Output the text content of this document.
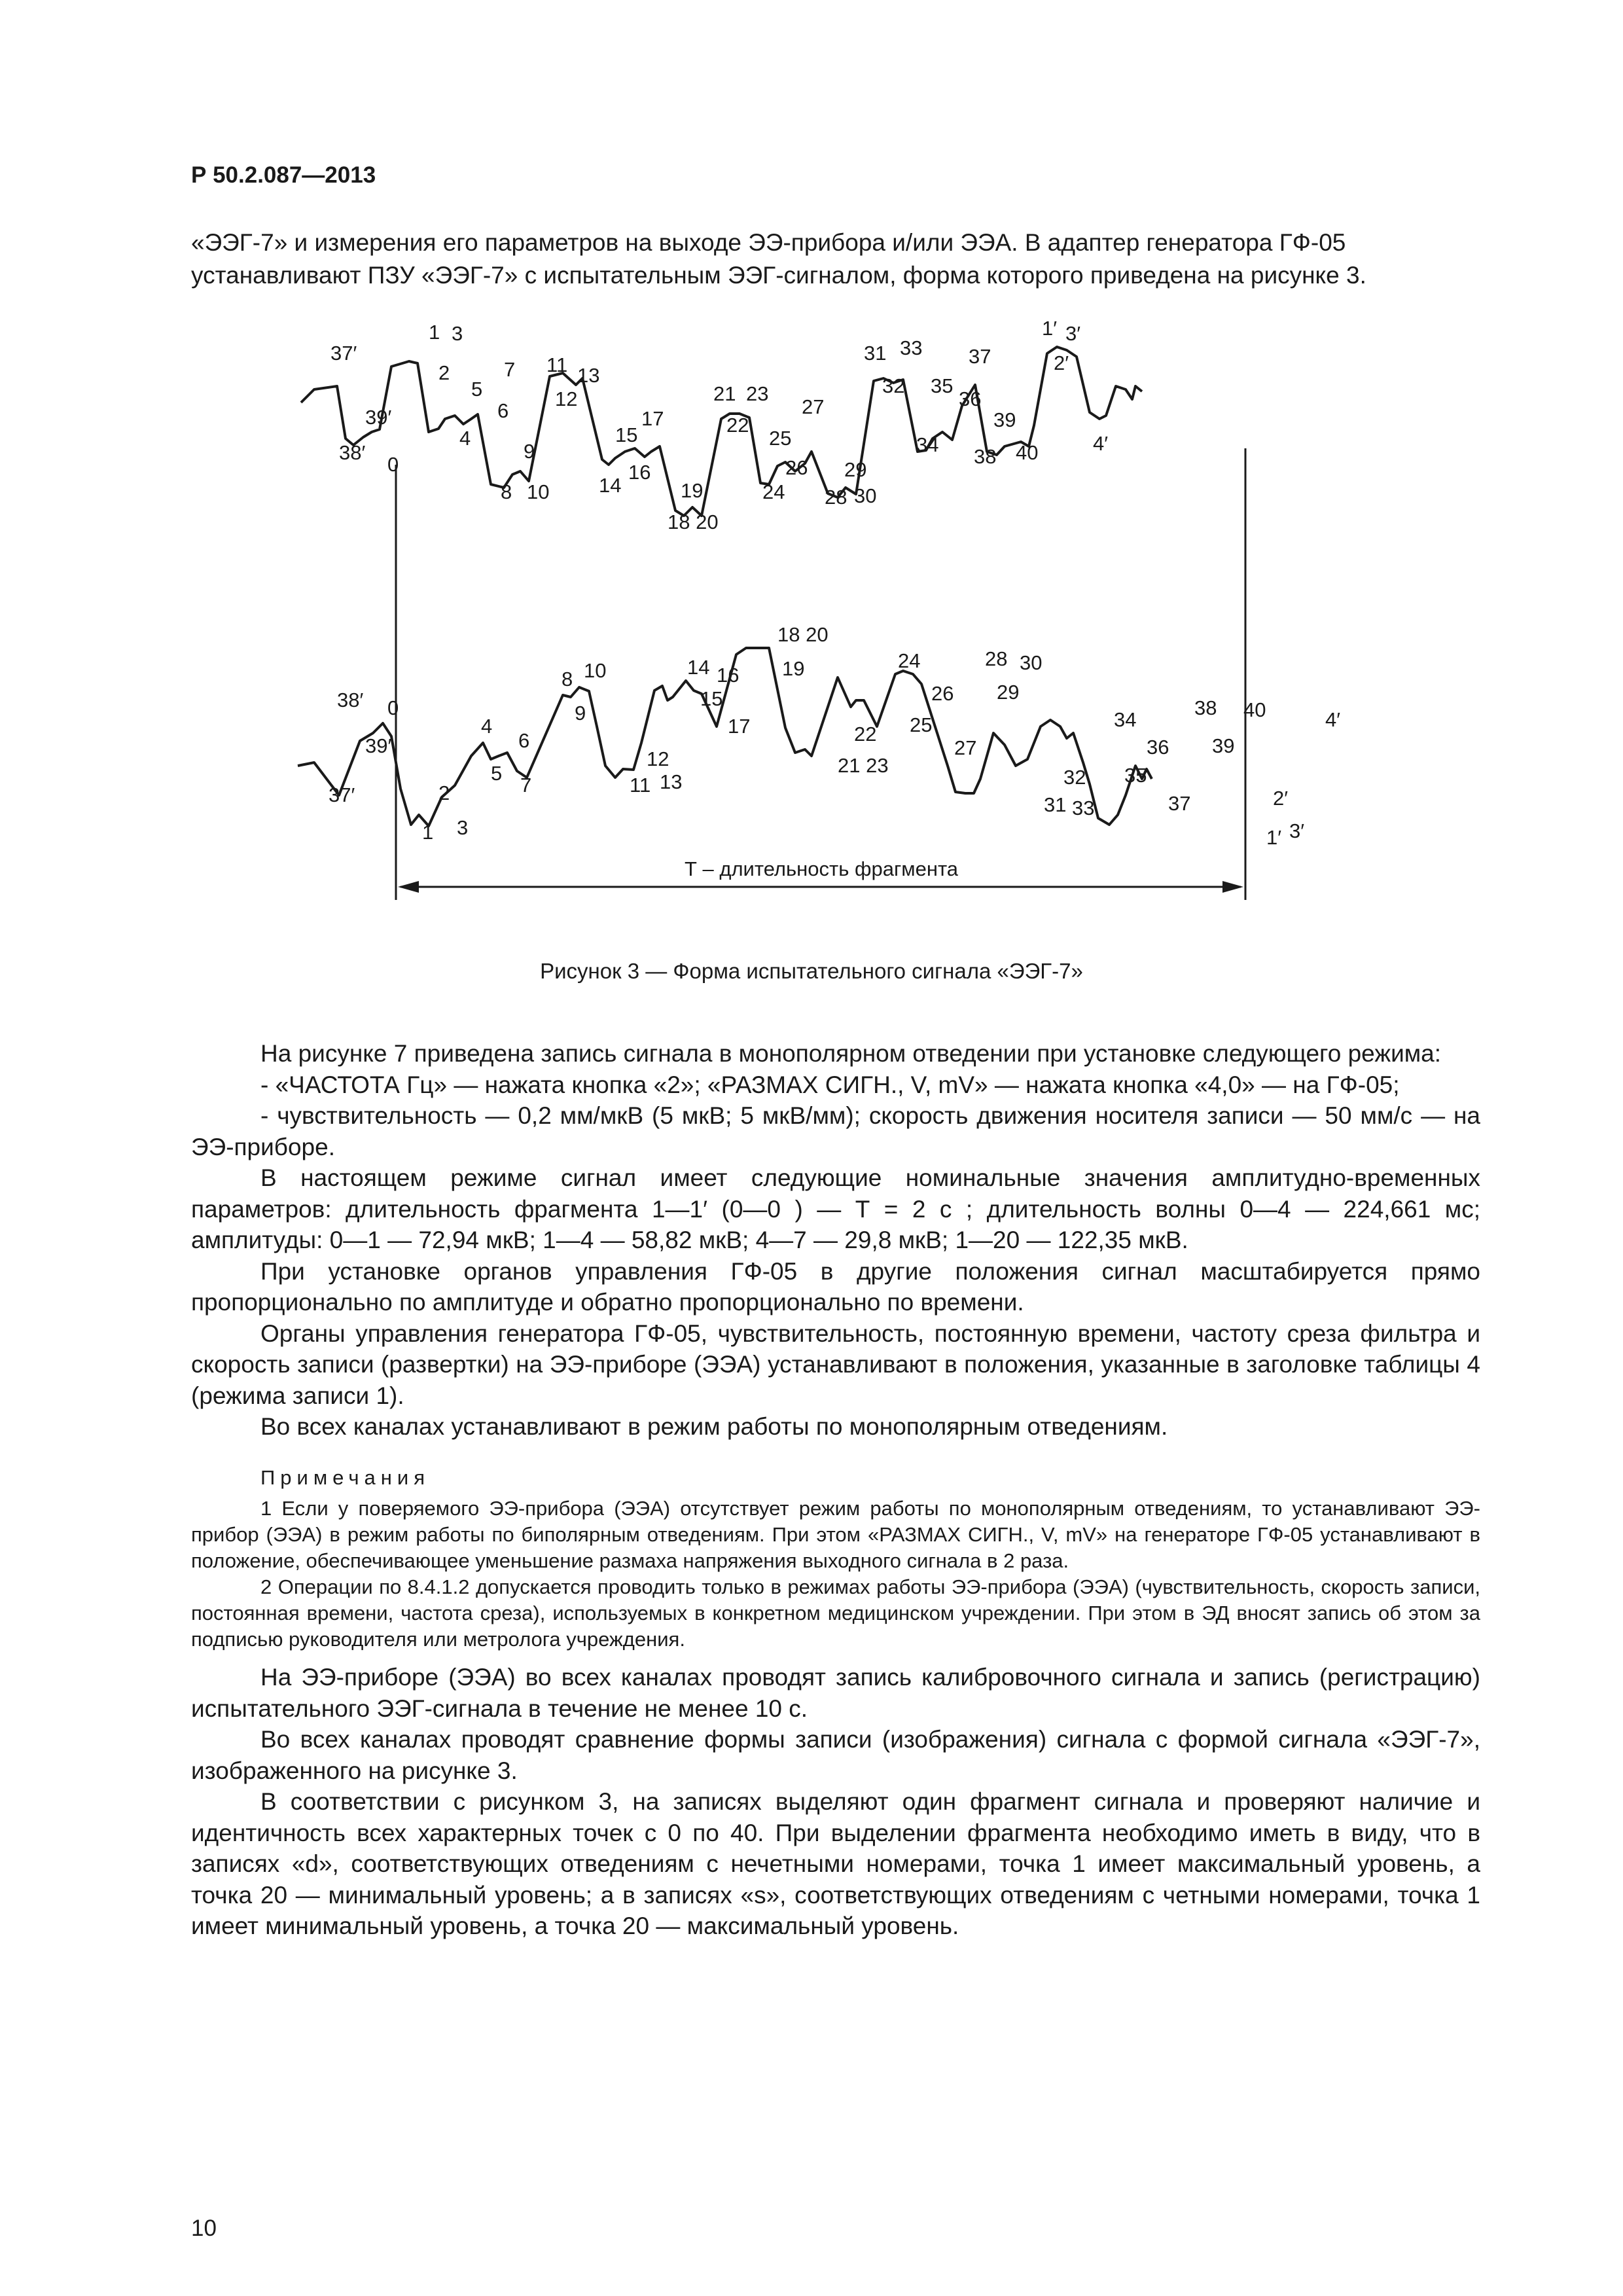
Р 50.2.087—2013

«ЭЭГ-7» и измерения его параметров на выходе ЭЭ-прибора и/или ЭЭА. В адаптер генератора ГФ-05

устанавливают ПЗУ «ЭЭГ-7» с испытательным ЭЭГ-сигналом, форма которого приведена на рисунке 3.

Т – длительность фрагмента
37′
39′
38′
0
1 3
2
5
7
6
4
9
8 10
11 13
12
15
17
16
14	19
18 20
21 23
22
25
27
26
24
29
28 30
31 33
32 35
37
36
34
39
38 40
1′ 3′
2′
4′
38′ 0
39′
37′	2
1 3
4
6
5
7
8 10
9
12
11 13
14 16
15
17
18 20
19
22
21 23
24
26
25
27
28 30
29
32
31 33
34
36
35
37
38 40
39
2′
1′ 3′
4′
Рисунок 3 — Форма испытательного сигнала «ЭЭГ-7»

На рисунке 7 приведена запись сигнала в монополярном отведении при установке следующего режима:

- «ЧАСТОТА Гц» — нажата кнопка «2»; «РАЗМАХ СИГН., V, mV» — нажата кнопка «4,0» — на ГФ-05;

- чувствительность — 0,2 мм/мкВ (5 мкВ; 5 мкВ/мм); скорость движения носителя записи — 50 мм/с — на ЭЭ-приборе.

В настоящем режиме сигнал имеет следующие номинальные значения амплитудно-временных параметров: длительность фрагмента 1—1′ (0—0 ) — Т = 2 с ; длительность волны 0—4 — 224,661 мс; амплитуды: 0—1 — 72,94 мкВ; 1—4 — 58,82 мкВ; 4—7 — 29,8 мкВ; 1—20 — 122,35 мкВ.

При установке органов управления ГФ-05 в другие положения сигнал масштабируется прямо пропорционально по амплитуде и обратно пропорционально по времени.

Органы управления генератора ГФ-05, чувствительность, постоянную времени, частоту среза фильтра и скорость записи (развертки) на ЭЭ-приборе (ЭЭА) устанавливают в положения, указанные в заголовке таблицы 4 (режима записи 1).

Во всех каналах устанавливают в режим работы по монополярным отведениям.

Примечания

1 Если у поверяемого ЭЭ-прибора (ЭЭА) отсутствует режим работы по монополярным отведениям, то устанавливают ЭЭ-прибор (ЭЭА) в режим работы по биполярным отведениям. При этом «РАЗМАХ СИГН., V, mV» на генераторе ГФ-05 устанавливают в положение, обеспечивающее уменьшение размаха напряжения выходного сигнала в 2 раза.

2 Операции по 8.4.1.2 допускается проводить только в режимах работы ЭЭ-прибора (ЭЭА) (чувствительность, скорость записи, постоянная времени, частота среза), используемых в конкретном медицинском учреждении. При этом в ЭД вносят запись об этом за подписью руководителя или метролога учреждения.

На ЭЭ-приборе (ЭЭА) во всех каналах проводят запись калибровочного сигнала и запись (регистрацию) испытательного ЭЭГ-сигнала в течение не менее 10 с.

Во всех каналах проводят сравнение формы записи (изображения) сигнала с формой сигнала «ЭЭГ-7», изображенного на рисунке 3.

В соответствии с рисунком 3, на записях выделяют один фрагмент сигнала и проверяют наличие и идентичность всех характерных точек с 0 по 40. При выделении фрагмента необходимо иметь в виду, что в записях «d», соответствующих отведениям с нечетными номерами, точка 1 имеет максимальный уровень, а точка 20 — минимальный уровень; а в записях «s», соответствующих отведениям с четными номерами, точка 1 имеет минимальный уровень, а точка 20 — максимальный уровень.

10
